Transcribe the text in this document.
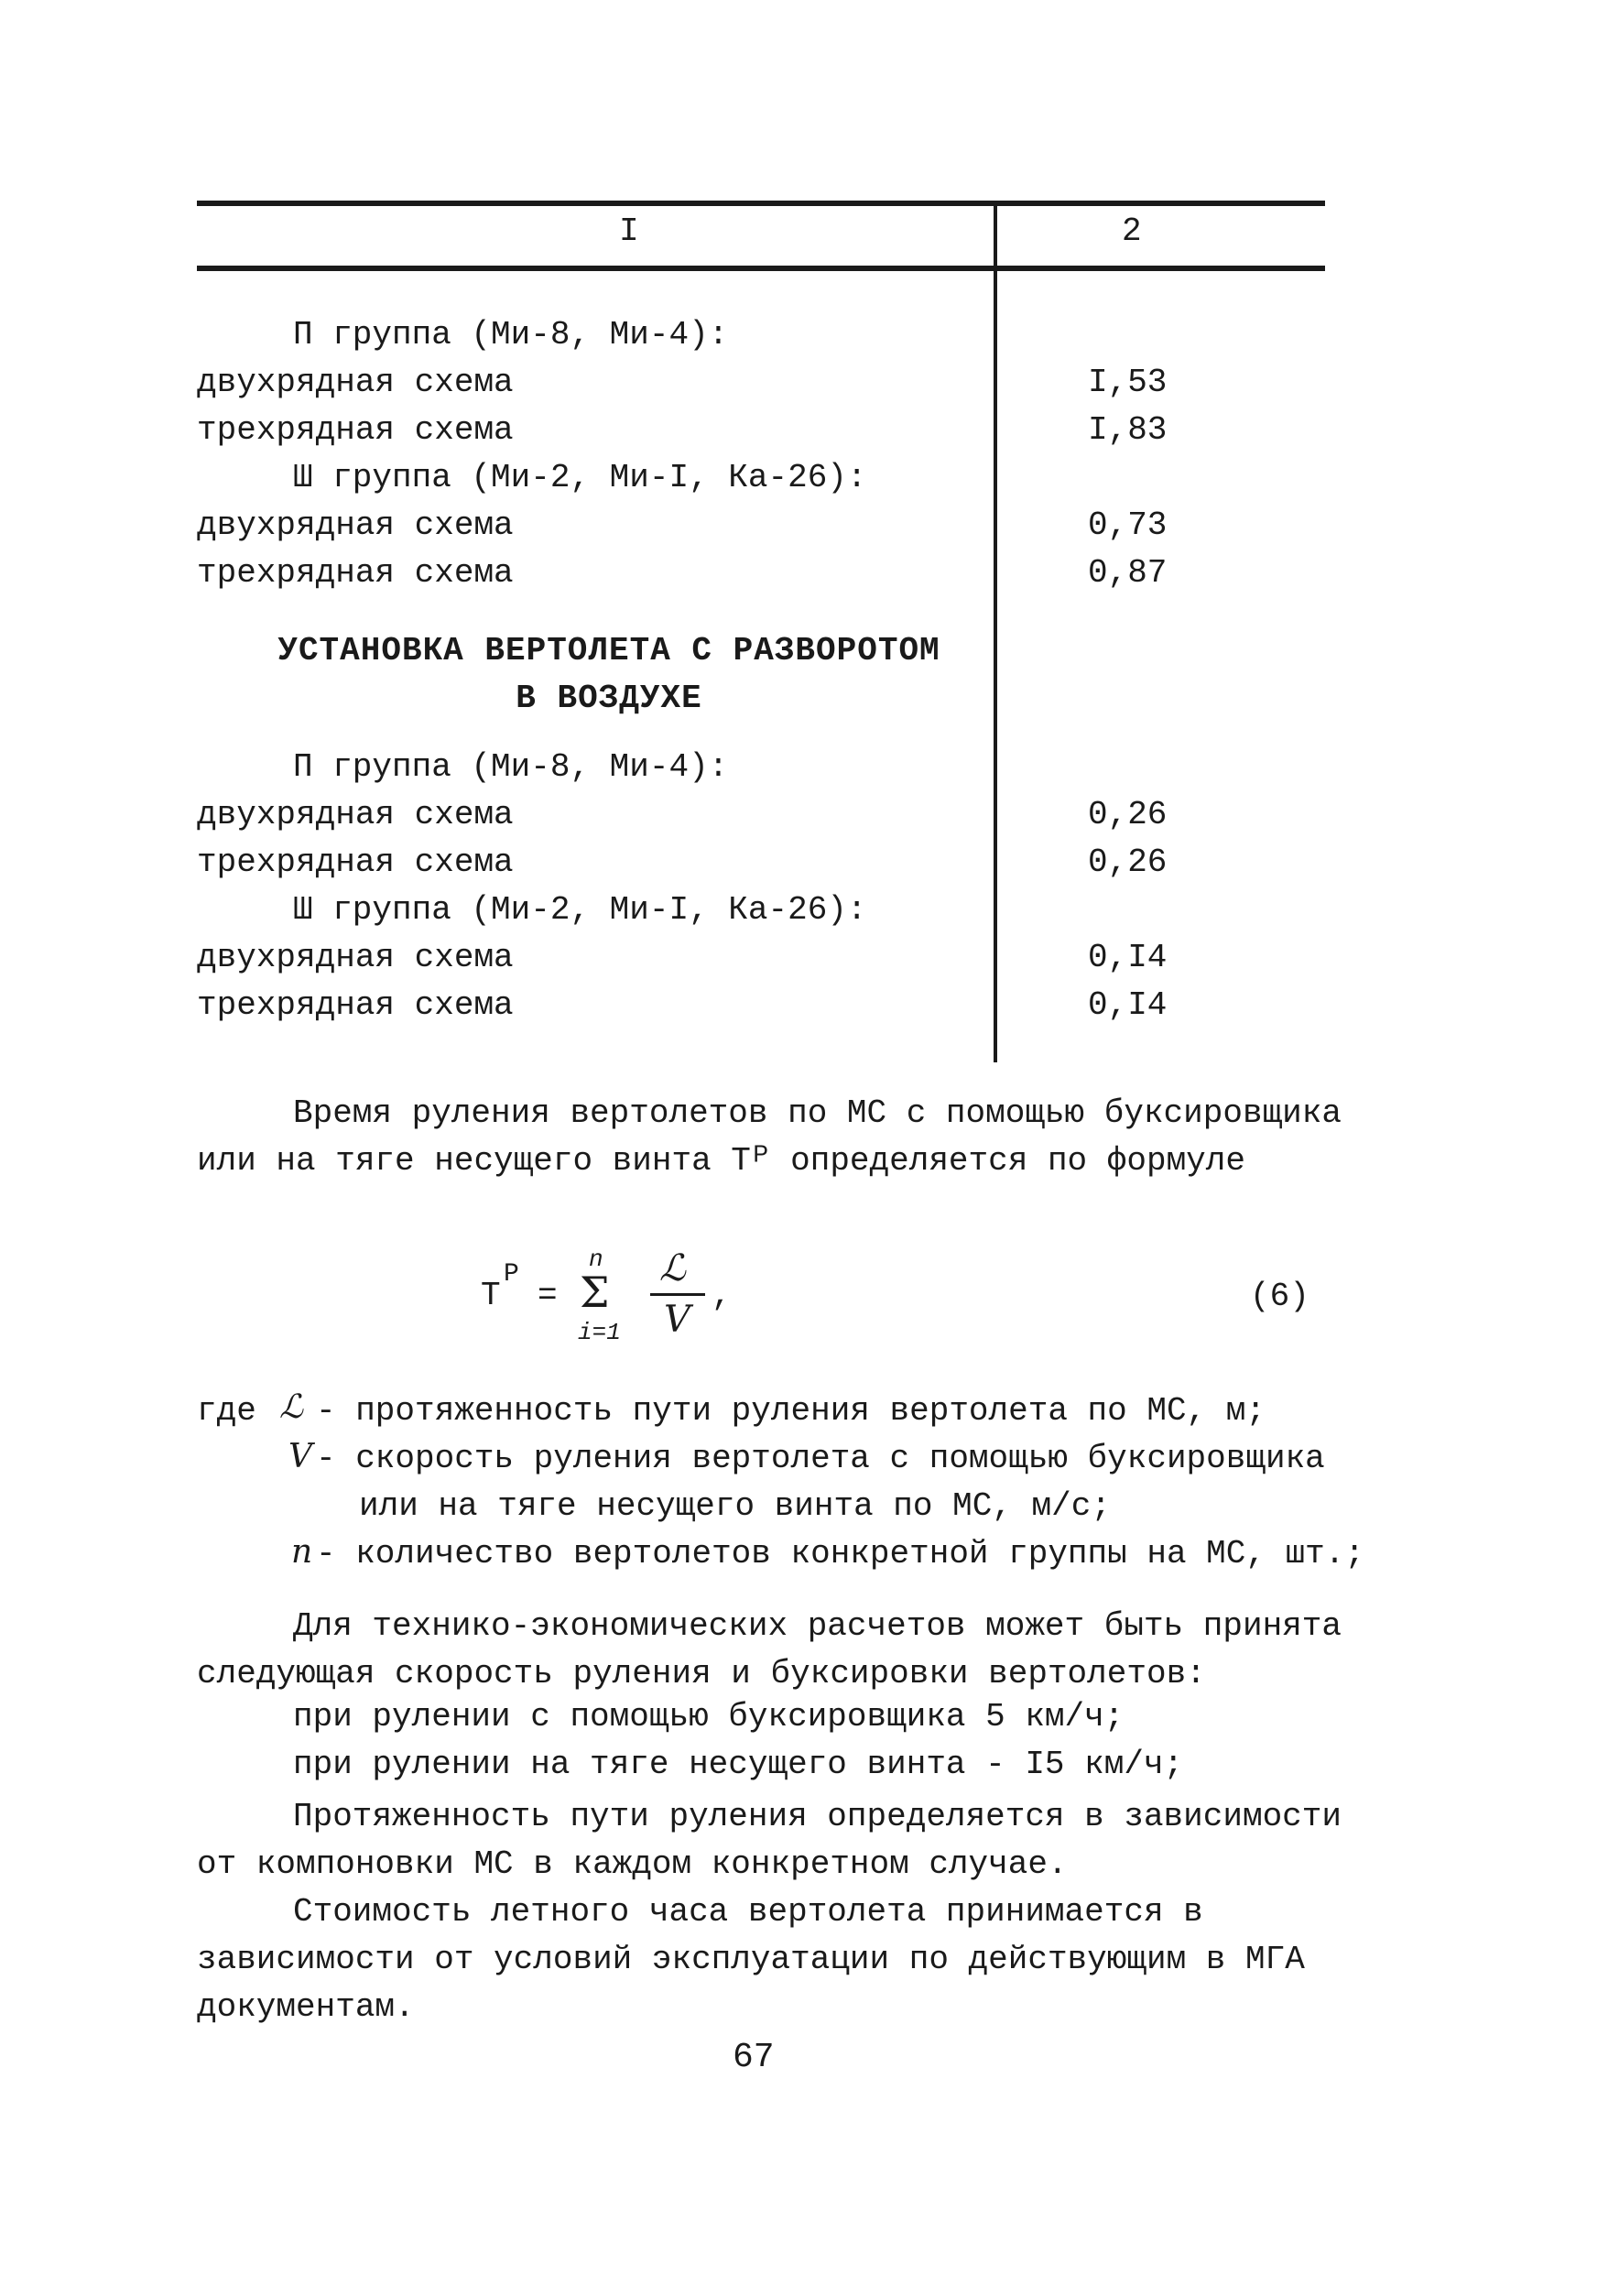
I	2
П группа (Ми-8, Ми-4):
двухрядная схема	I,53
трехрядная схема	I,83
Ш группа (Ми-2, Ми-I, Ка-26):
двухрядная схема	0,73
трехрядная схема	0,87
УСТАНОВКА ВЕРТОЛЕТА С РАЗВОРОТОМ В ВОЗДУХЕ
П группа (Ми-8, Ми-4):
двухрядная схема	0,26
трехрядная схема	0,26
Ш группа (Ми-2, Ми-I, Ка-26):
двухрядная схема	0,I4
трехрядная схема	0,I4
Время руления вертолетов по МС с помощью буксировщика или на тяге несущего винта Tᴾ определяется по формуле
T
P
=
n
Σ
i=1
ℒ
V
,	(6)
где ℒ - протяженность пути руления вертолета по МС, м;
V - скорость руления вертолета с помощью буксировщика
или на тяге несущего винта по МС, м/с;
n - количество вертолетов конкретной группы на МС, шт.;
Для технико-экономических расчетов может быть принята следующая скорость руления и буксировки вертолетов:
при рулении с помощью буксировщика 5 км/ч;
при рулении на тяге несущего винта - I5 км/ч;
Протяженность пути руления определяется в зависимости от компоновки МС в каждом конкретном случае.
Стоимость летного часа вертолета принимается в зависимости от условий эксплуатации по действующим в МГА документам.
67
